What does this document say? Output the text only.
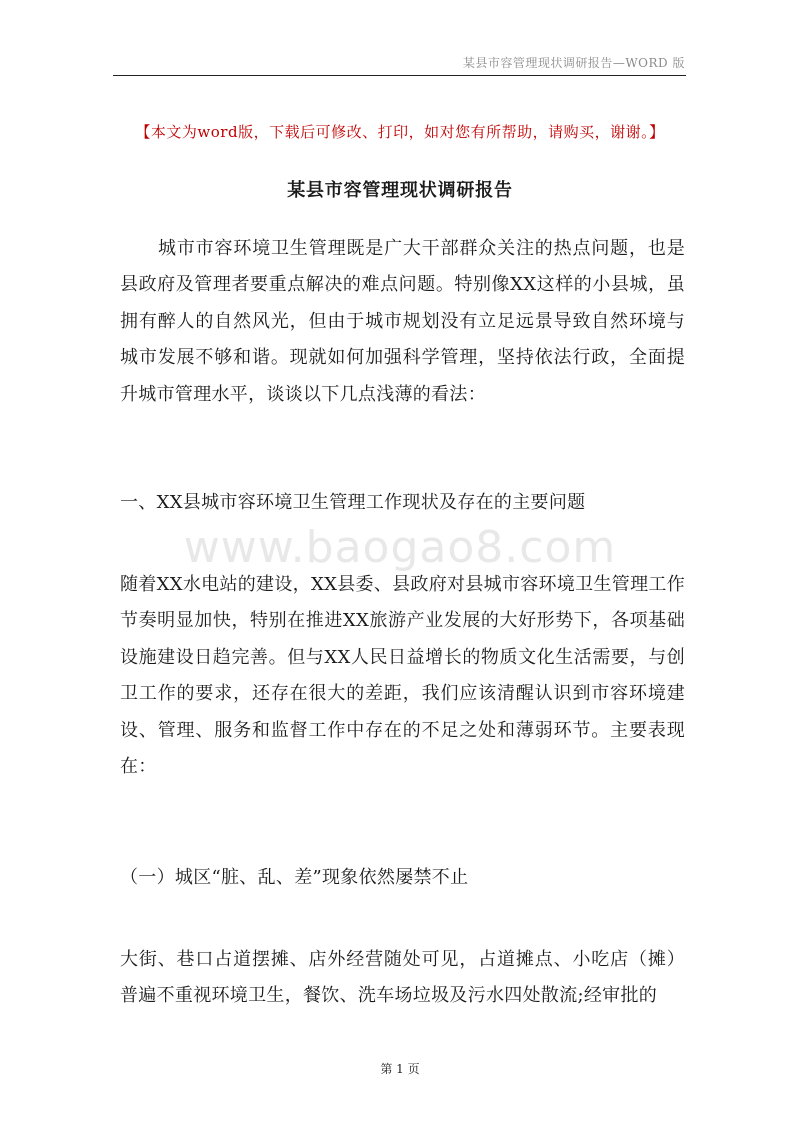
某县市容管理现状调研报告—WORD 版
【本文为word版，下载后可修改、打印，如对您有所帮助，请购买，谢谢。】
某县市容管理现状调研报告

城市市容环境卫生管理既是广大干部群众关注的热点问题，也是县政府及管理者要重点解决的难点问题。特别像XX这样的小县城，虽拥有醉人的自然风光，但由于城市规划没有立足远景导致自然环境与城市发展不够和谐。现就如何加强科学管理，坚持依法行政，全面提升城市管理水平，谈谈以下几点浅薄的看法：

一、XX县城市容环境卫生管理工作现状及存在的主要问题

www.baogao8.com

随着XX水电站的建设，XX县委、县政府对县城市容环境卫生管理工作节奏明显加快，特别在推进XX旅游产业发展的大好形势下，各项基础设施建设日趋完善。但与XX人民日益增长的物质文化生活需要，与创卫工作的要求，还存在很大的差距，我们应该清醒认识到市容环境建设、管理、服务和监督工作中存在的不足之处和薄弱环节。主要表现在：

（一）城区“脏、乱、差”现象依然屡禁不止

大街、巷口占道摆摊、店外经营随处可见，占道摊点、小吃店（摊）普遍不重视环境卫生，餐饮、洗车场垃圾及污水四处散流;经审批的

第 1 页
